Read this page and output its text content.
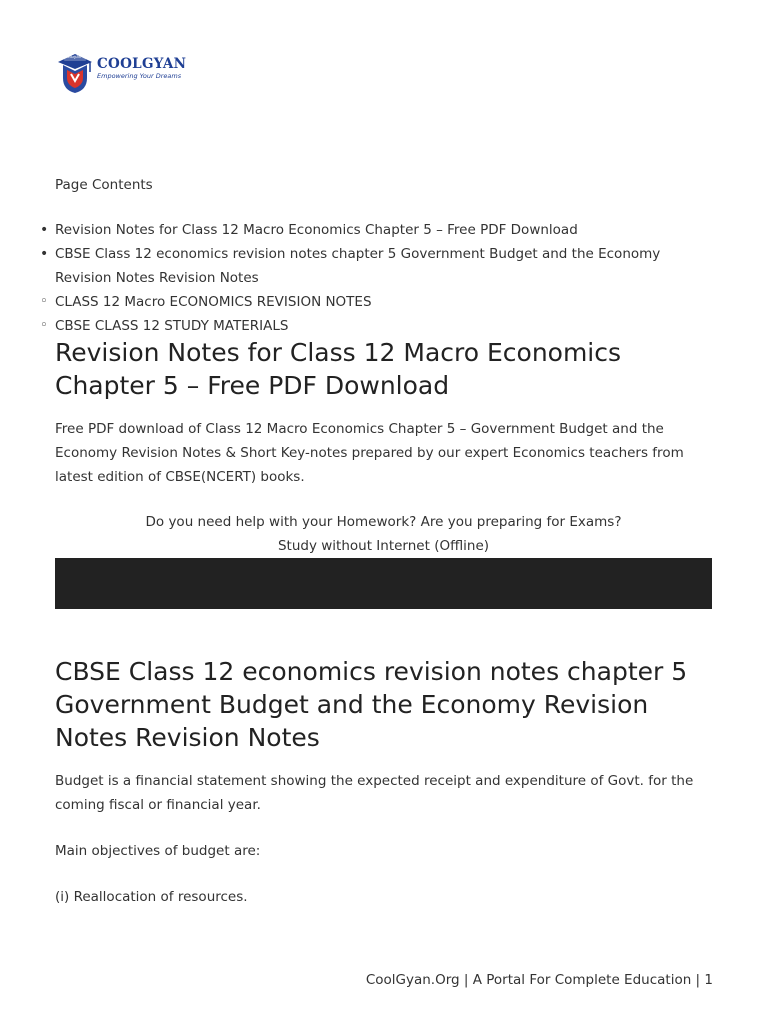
CoolGyan COOLGYAN
Empowering Your Dreams
Page Contents
• Revision Notes for Class 12 Macro Economics Chapter 5 – Free PDF Download
• CBSE Class 12 economics revision notes chapter 5 Government Budget and the Economy Revision Notes Revision Notes
◦ CLASS 12 Macro ECONOMICS REVISION NOTES
◦ CBSE CLASS 12 STUDY MATERIALS
Revision Notes for Class 12 Macro Economics Chapter 5 – Free PDF Download

Free PDF download of Class 12 Macro Economics Chapter 5 – Government Budget and the Economy Revision Notes & Short Key-notes prepared by our expert Economics teachers from latest edition of CBSE(NCERT) books.

Do you need help with your Homework? Are you preparing for Exams?
Study without Internet (Offline)
CBSE Class 12 economics revision notes chapter 5 Government Budget and the Economy Revision Notes Revision Notes

Budget is a financial statement showing the expected receipt and expenditure of Govt. for the coming fiscal or financial year.

Main objectives of budget are:

(i) Reallocation of resources.

CoolGyan.Org | A Portal For Complete Education | 1
